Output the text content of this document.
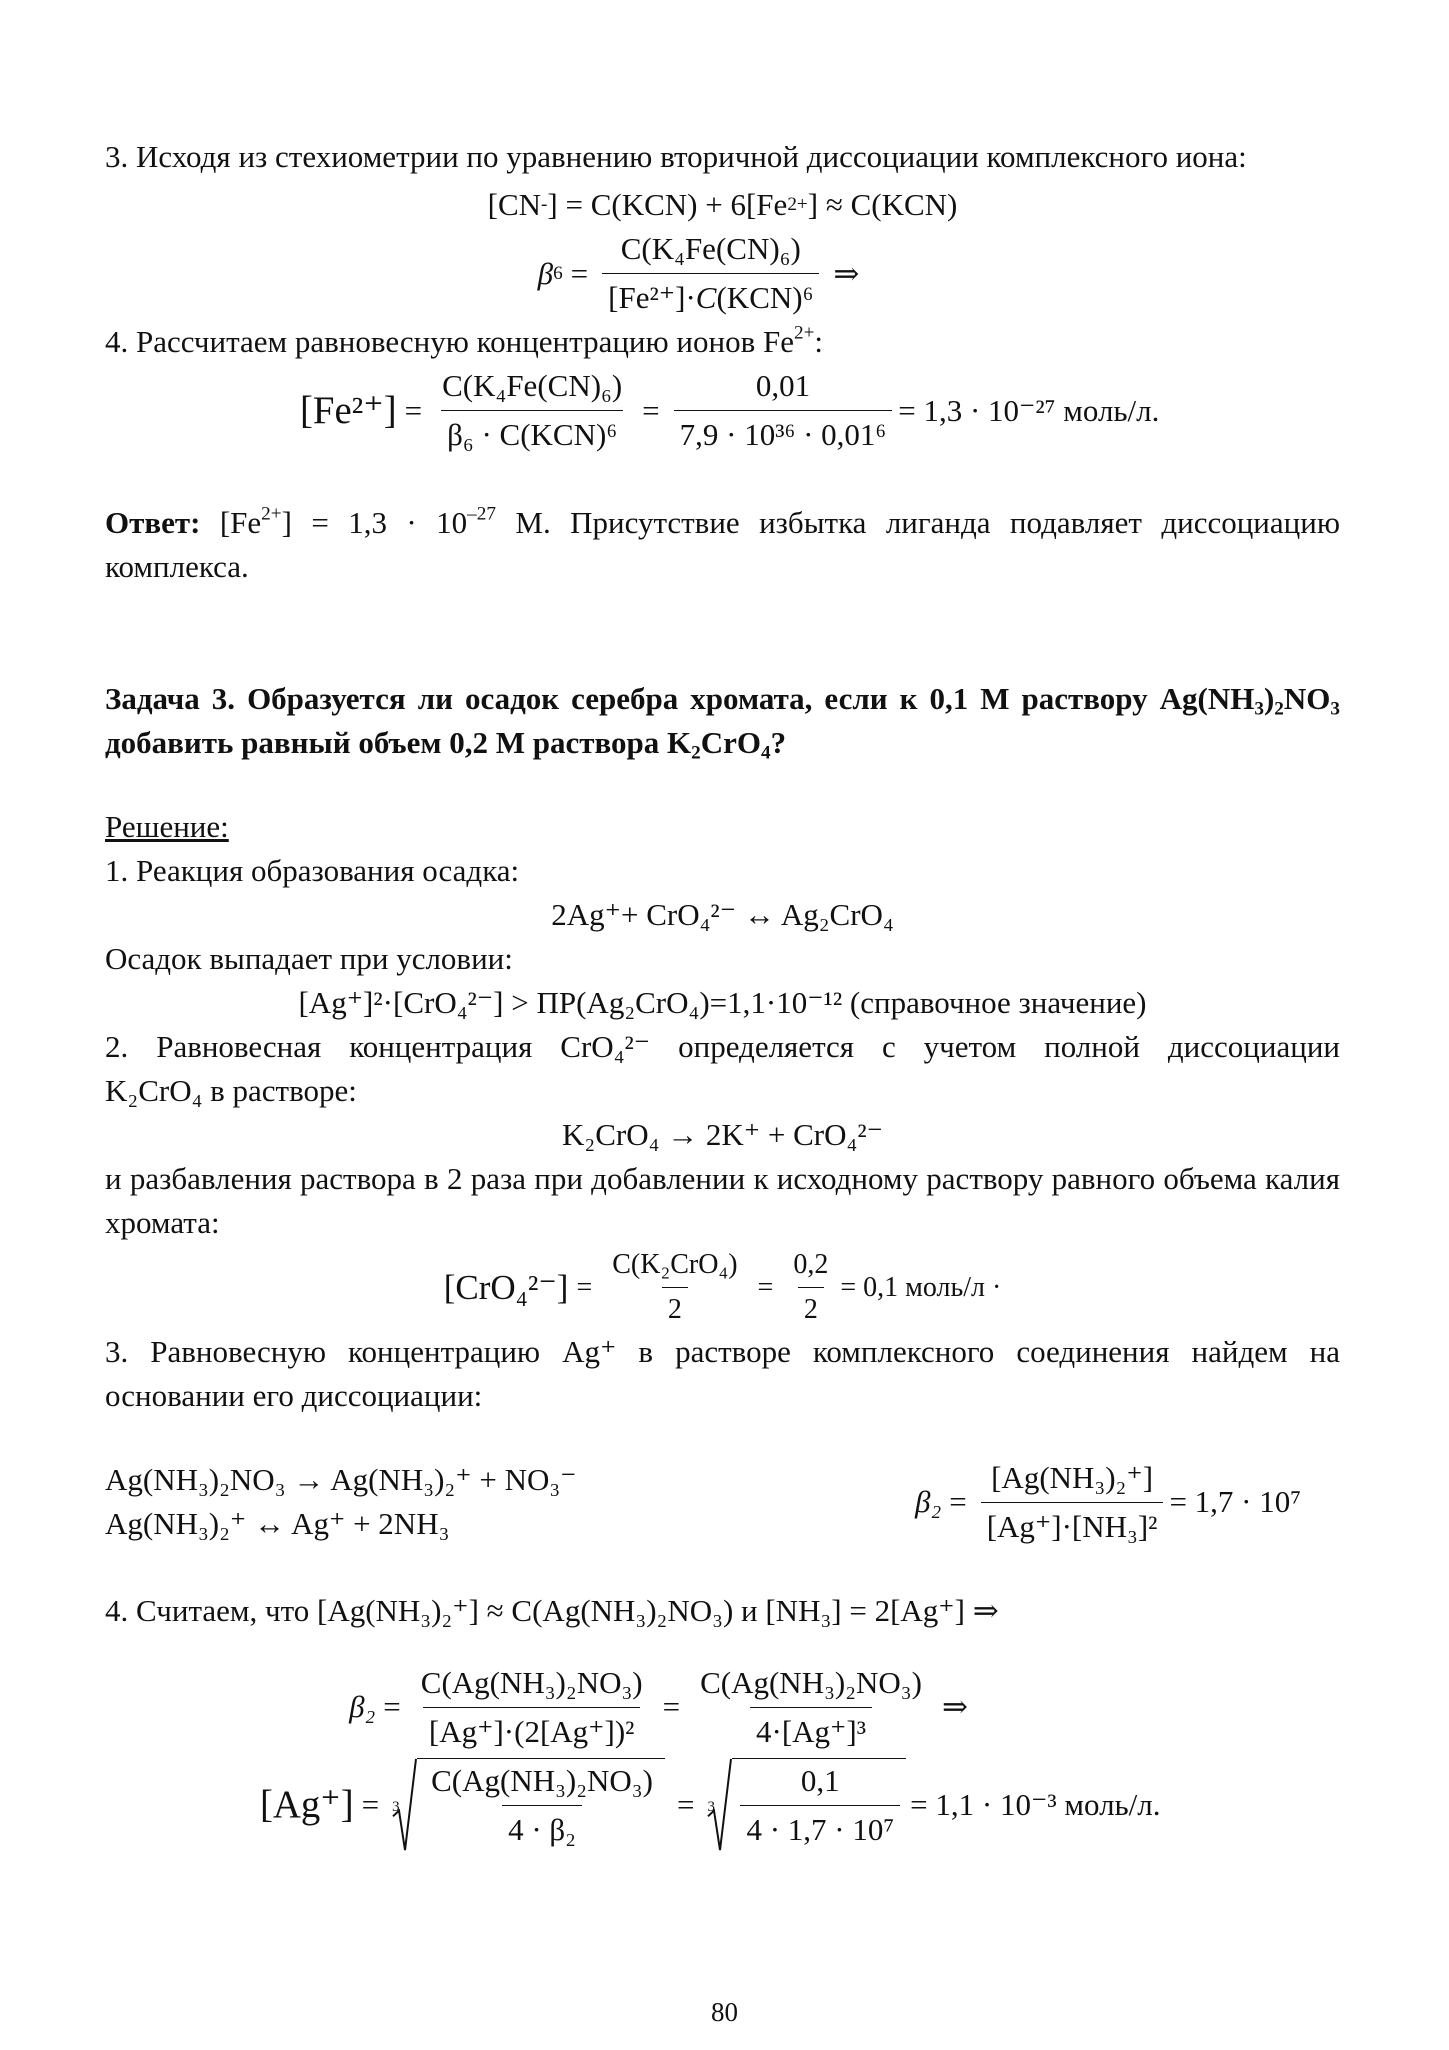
3. Исходя из стехиометрии по уравнению вторичной диссоциации комплексного иона:

[CN - ] = C(KCN) + 6[Fe 2+ ] ≈ C(KCN)
β $6 = \frac{\text{C(K₄Fe(CN)₆)}}{\text{[Fe²⁺]·C(KCN)⁶}}$ ⇒

4. Рассчитаем равновесную концентрацию ионов $Fe^{2+}$:

$[Fe^{2+}] = \frac{\text{C(K₄Fe(CN)₆)}}{\text{β₆ · C(KCN)⁶}} = \frac{0,01}{\text{7,9 · 10³⁶ · 0,01⁶}} = 1,3 \cdot 10^{-27}$ моль/л.

Ответ: $[Fe^{2+}] = 1,3 \cdot 10^{-27}$ М. Присутствие избытка лиганда подавляет диссоциацию комплекса.

Задача 3. Образуется ли осадок серебра хромата, если к 0,1 М раствору $Ag(NH_3)_2NO_3$ добавить равный объем 0,2 М раствора $K_2CrO_4$?

Решение:

1. Реакция образования осадка:

2Ag⁺+ CrO₄²⁻ ↔ Ag₂CrO₄

Осадок выпадает при условии:

[Ag⁺]²·[CrO₄²⁻] > ПР(Ag₂CrO₄)=1,1·10⁻¹² (справочное значение)

2. Равновесная концентрация CrO₄²⁻ определяется с учетом полной диссоциации

K₂CrO₄ в растворе:

K₂CrO₄ → 2K⁺ + CrO₄²⁻

и разбавления раствора в 2 раза при добавлении к исходному раствору равного объема калия хромата:

$[CrO_4^{2-}] = \frac{\text{C(K₂CrO₄)}}{2} = \frac{0,2}{2} = 0,1$ моль/л ·

3. Равновесную концентрацию Ag⁺ в растворе комплексного соединения найдем на основании его диссоциации:

Ag(NH₃)₂NO₃ → Ag(NH₃)₂⁺ + NO₃⁻

Ag(NH₃)₂⁺ ↔ Ag⁺ + 2NH₃

$\beta_2 = \frac{\text{[Ag(NH₃)₂⁺]}}{\text{[Ag⁺]·[NH₃]²}} = 1,7 \cdot 10^7$

4. Считаем, что [Ag(NH₃)₂⁺] ≈ C(Ag(NH₃)₂NO₃) и [NH₃] = 2[Ag⁺] ⇒

$\beta_2 = \frac{\text{C(Ag(NH₃)₂NO₃)}}{\text{[Ag⁺]·(2[Ag⁺])²}} = \frac{\text{C(Ag(NH₃)₂NO₃)}}{\text{4·[Ag⁺]³}}$ ⇒
$[Ag^+] = 3 \frac{\text{C(Ag(NH₃)₂NO₃)}}{\text{4 · β₂}} = 3 \frac{0,1}{\text{4 · 1,7 · 10⁷}} = 1,1 \cdot 10^{-3}$ моль/л.
80
